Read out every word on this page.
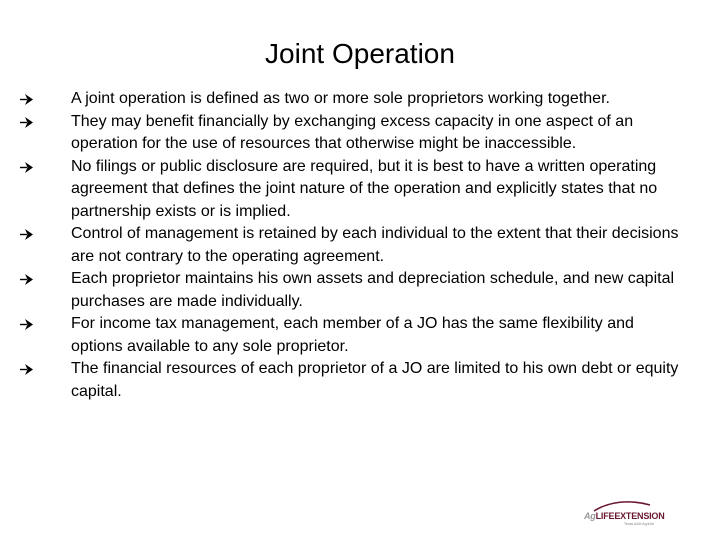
Joint Operation
A joint operation is defined as two or more sole proprietors working together.
They may benefit financially by exchanging excess capacity in one aspect of an operation for the use of resources that otherwise might be inaccessible.
No filings or public disclosure are required, but it is best to have a written operating agreement that defines the joint nature of the operation and explicitly states that no partnership exists or is implied.
Control of management is retained by each individual to the extent that their decisions are not contrary to the operating agreement.
Each proprietor maintains his own assets and depreciation schedule, and new capital purchases are made individually.
For income tax management, each member of a JO has the same flexibility and options available to any sole proprietor.
The financial resources of each proprietor of a JO are limited to his own debt or equity capital.
AgLIFEEXTENSION
Texas A&M AgriLife
